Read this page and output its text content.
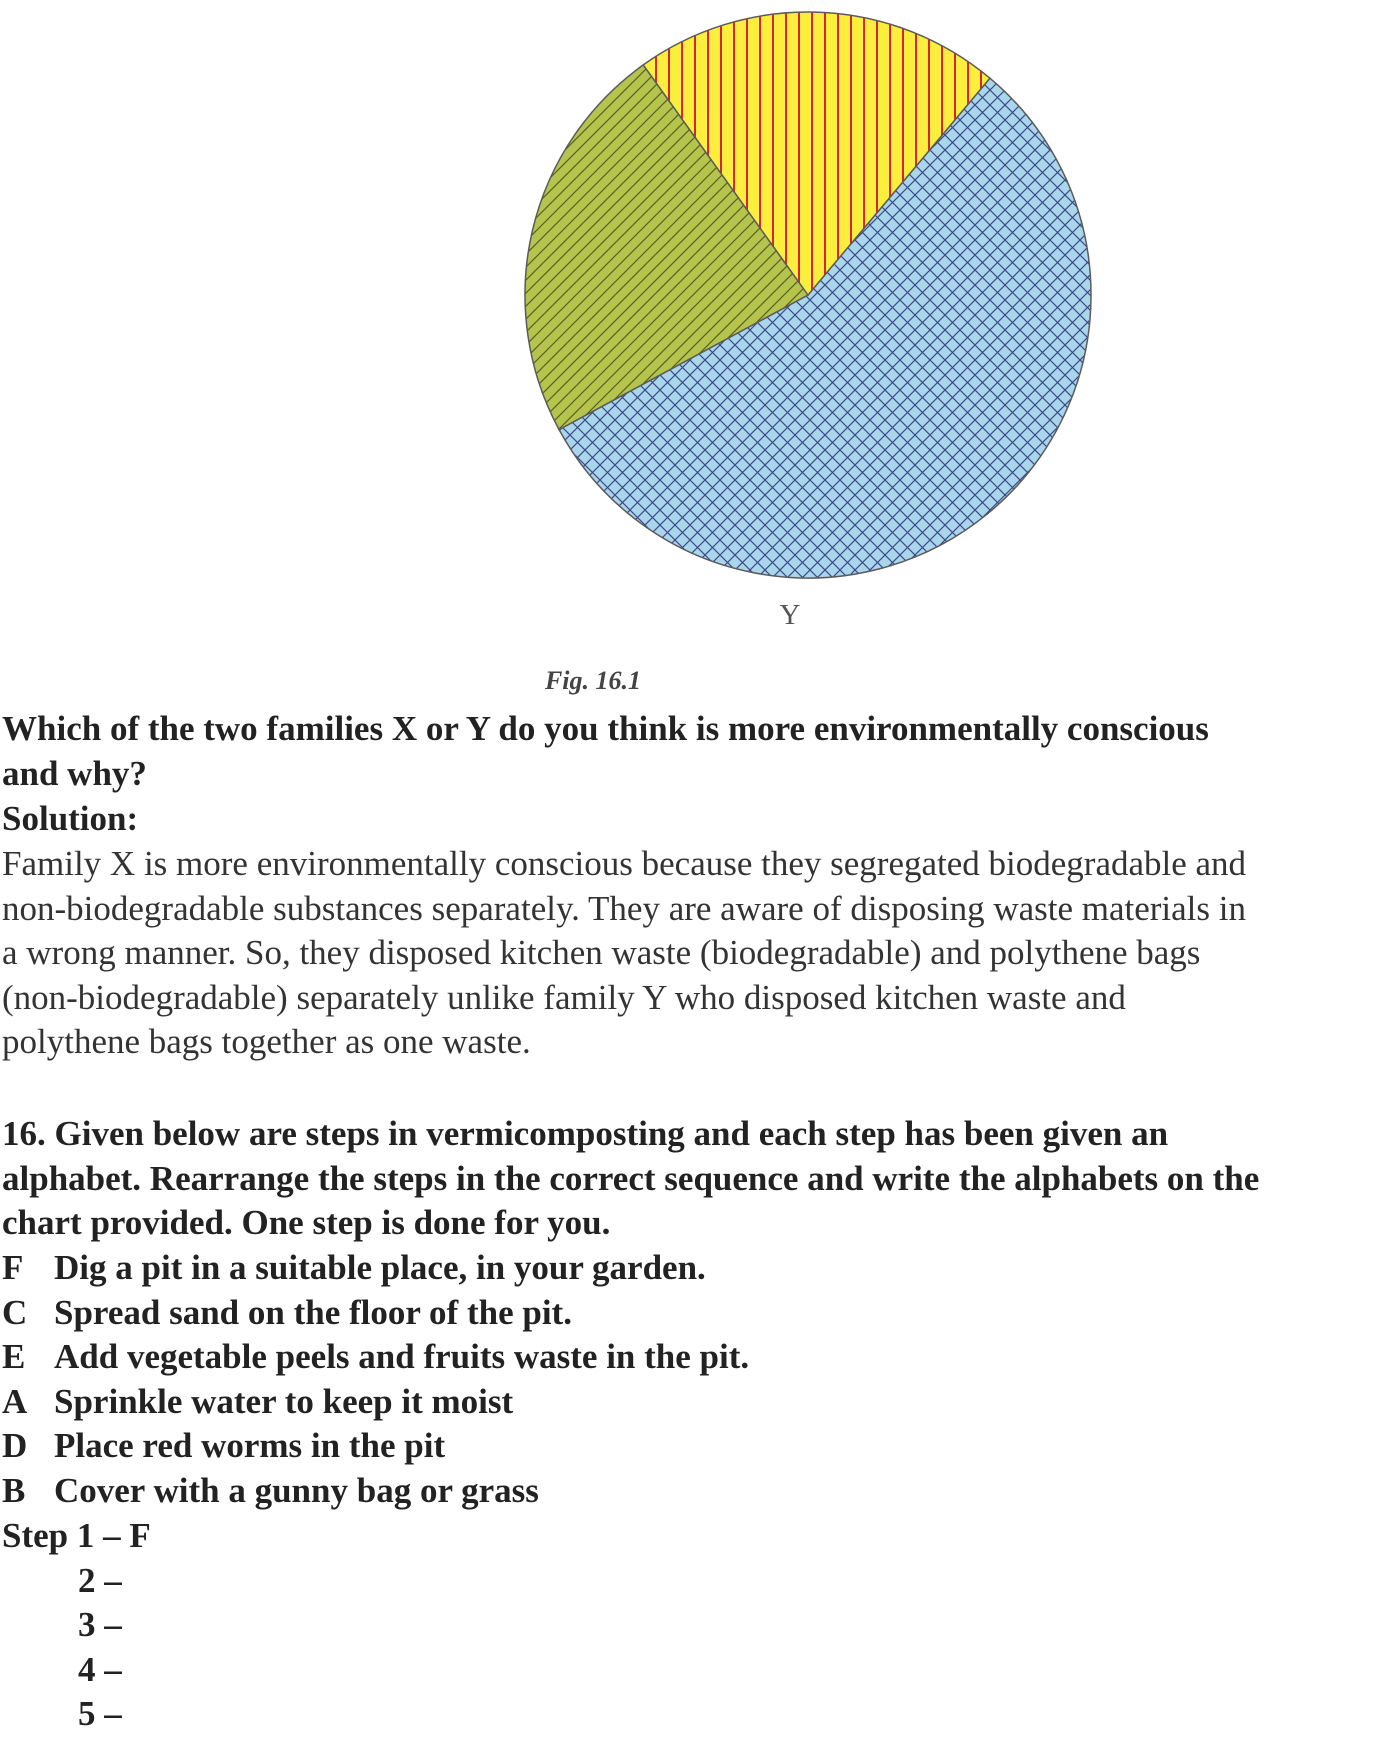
Y
Fig. 16.1
Which of the two families X or Y do you think is more environmentally conscious
and why?
Solution:
Family X is more environmentally conscious because they segregated biodegradable and
non-biodegradable substances separately. They are aware of disposing waste materials in
a wrong manner. So, they disposed kitchen waste (biodegradable) and polythene bags
(non-biodegradable) separately unlike family Y who disposed kitchen waste and
polythene bags together as one waste.
16. Given below are steps in vermicomposting and each step has been given an
alphabet. Rearrange the steps in the correct sequence and write the alphabets on the
chart provided. One step is done for you.
F Dig a pit in a suitable place, in your garden.
C Spread sand on the floor of the pit.
E Add vegetable peels and fruits waste in the pit.
A Sprinkle water to keep it moist
D Place red worms in the pit
B Cover with a gunny bag or grass
Step 1 – F
2 –
3 –
4 –
5 –
